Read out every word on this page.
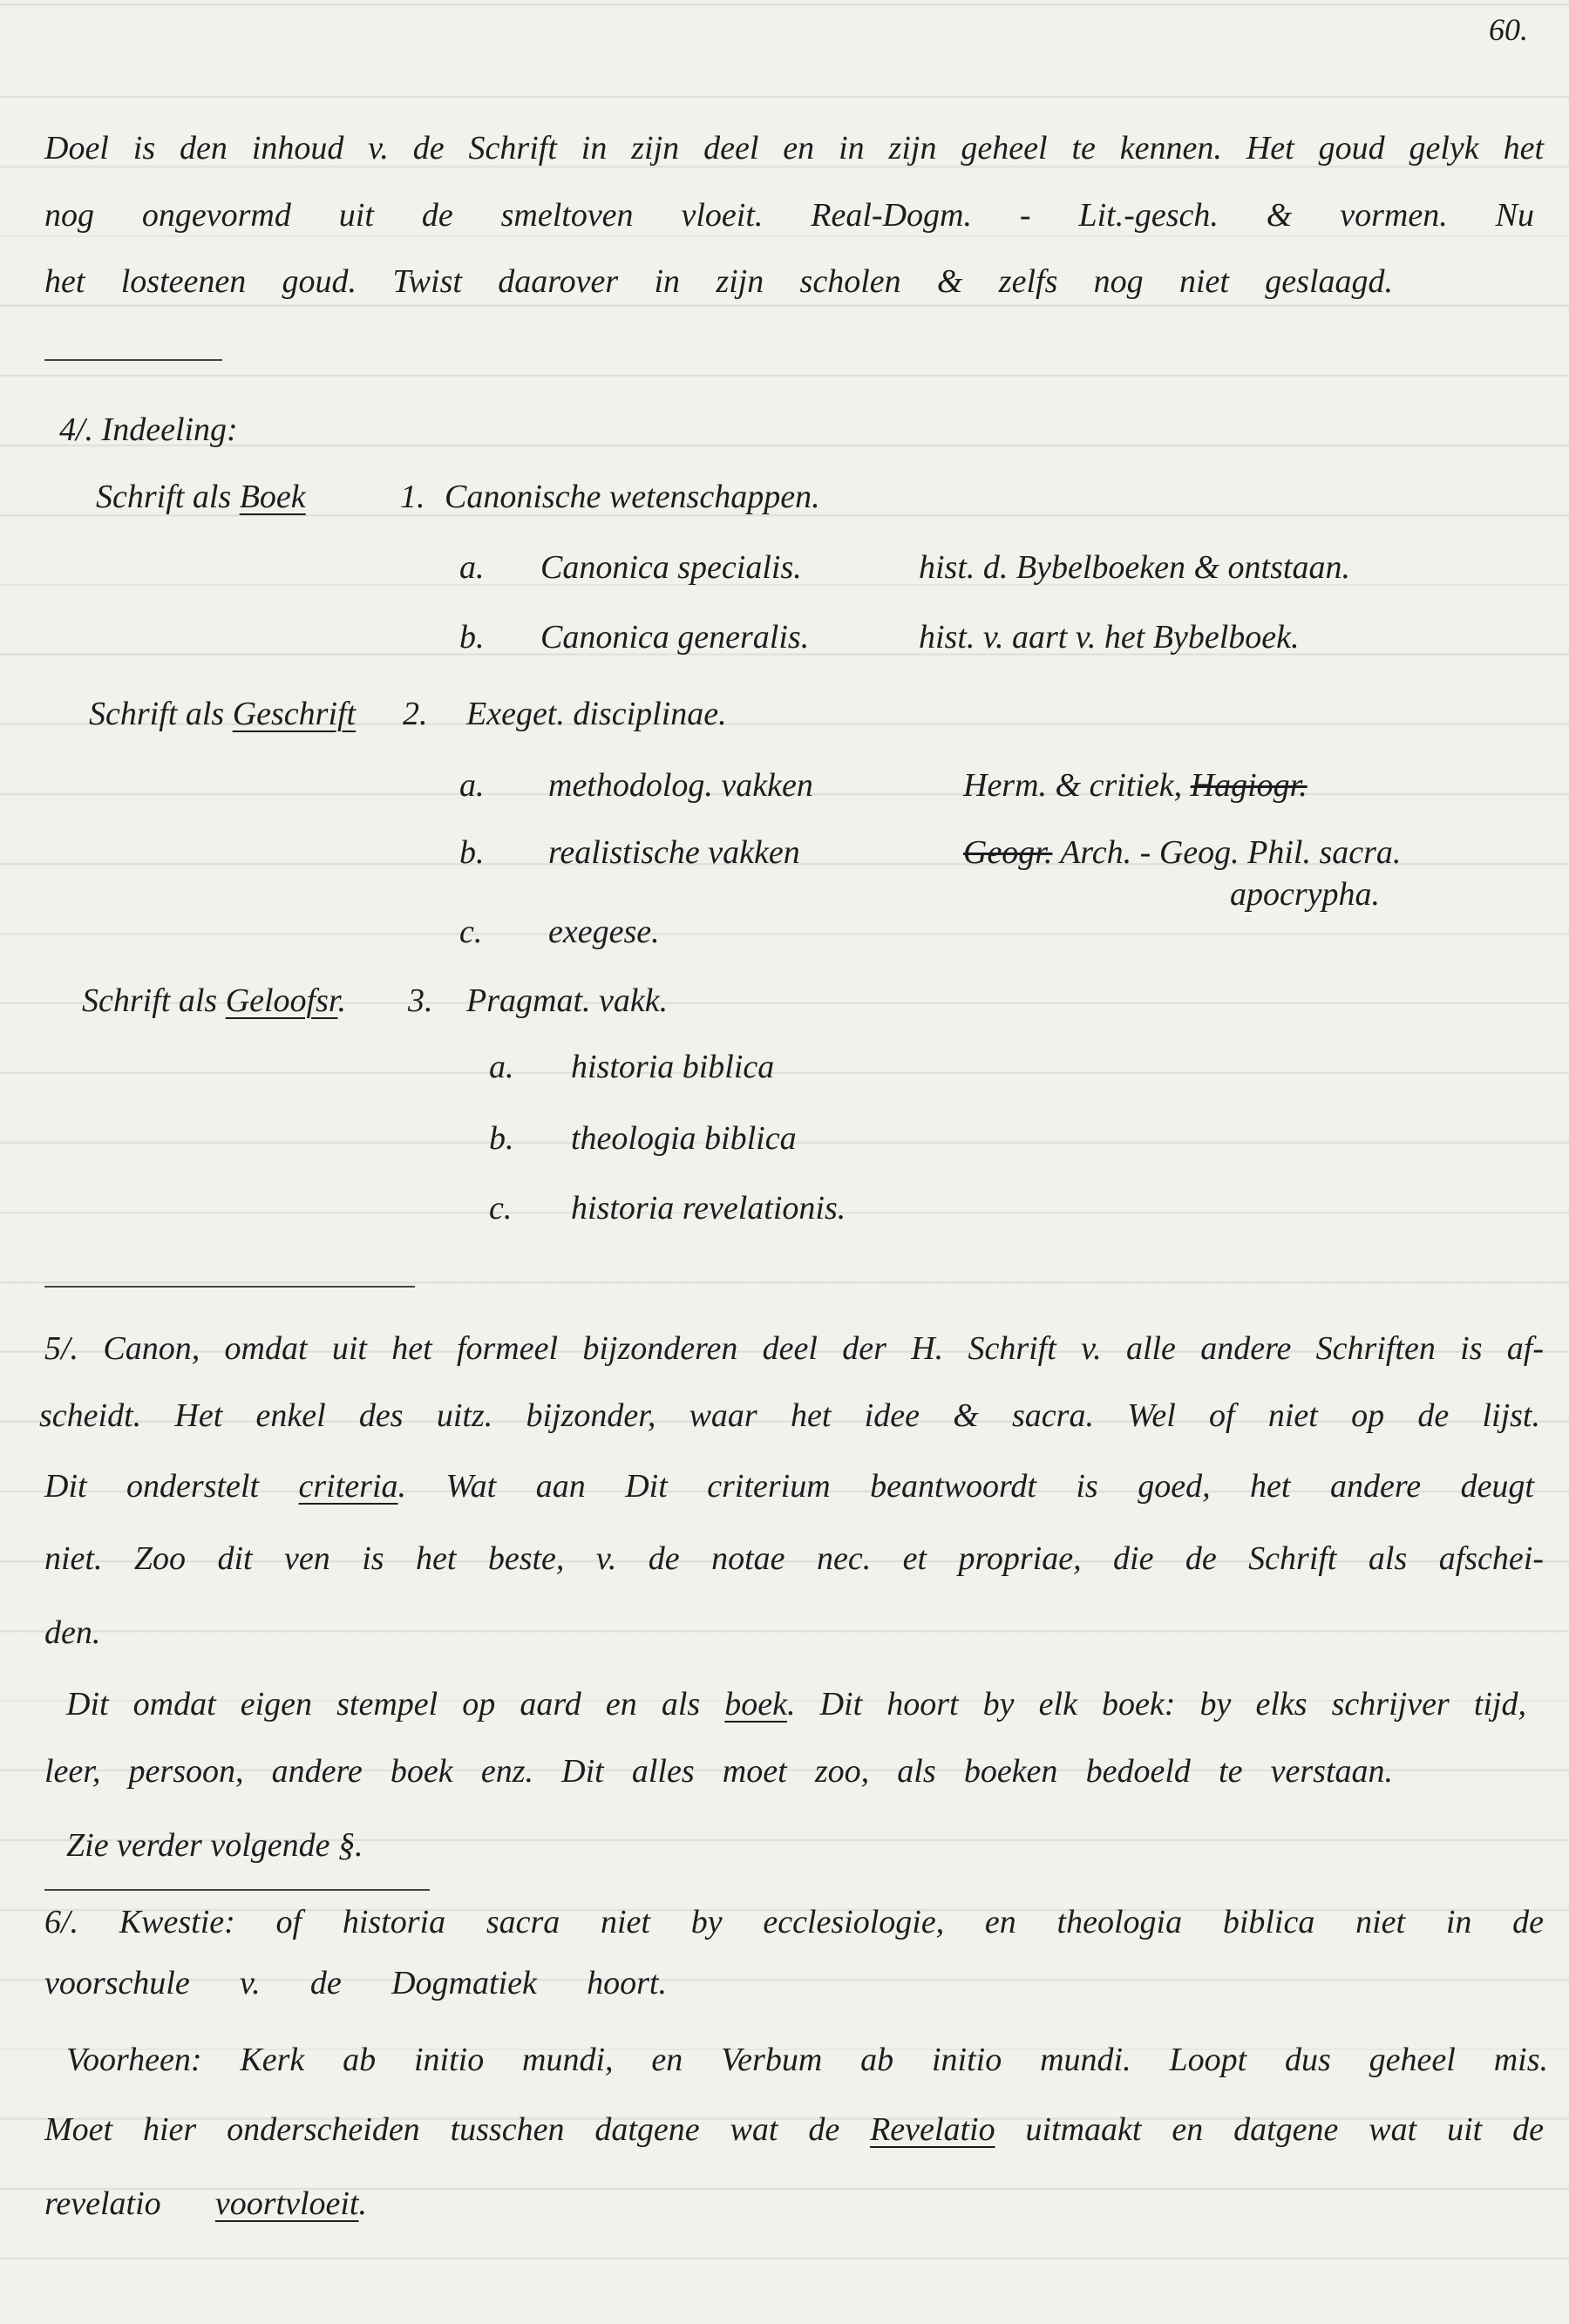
60.
Doel is den inhoud v. de Schrift in zijn deel en in zijn geheel te kennen. Het goud gelyk het
nog ongevormd uit de smeltoven vloeit. Real-Dogm. - Lit.-gesch. & vormen. Nu
het losteenen goud. Twist daarover in zijn scholen & zelfs nog niet geslaagd.
4/. Indeeling:
Schrift als Boek	1. Canonische wetenschappen.
a. Canonica specialis.	hist. d. Bybelboeken & ontstaan.
b. Canonica generalis.	hist. v. aart v. het Bybelboek.
Schrift als Geschrift 2. Exeget. disciplinae.
a. methodolog. vakken	Herm. & critiek, Hagiogr.
b. realistische vakken	Geogr. Arch. - Geog. Phil. sacra.
apocrypha.
c. exegese.
Schrift als Geloofsr. 3. Pragmat. vakk.
a. historia biblica
b. theologia biblica
c. historia revelationis.
5/. Canon, omdat uit het formeel bijzonderen deel der H. Schrift v. alle andere Schriften is af-
scheidt. Het enkel des uitz. bijzonder, waar het idee & sacra. Wel of niet op de lijst.
Dit onderstelt criteria. Wat aan Dit criterium beantwoordt is goed, het andere deugt
niet. Zoo dit ven is het beste, v. de notae nec. et propriae, die de Schrift als afschei-
den.
Dit omdat eigen stempel op aard en als boek. Dit hoort by elk boek: by elks schrijver tijd,
leer, persoon, andere boek enz. Dit alles moet zoo, als boeken bedoeld te verstaan.
Zie verder volgende §.
6/. Kwestie: of historia sacra niet by ecclesiologie, en theologia biblica niet in de
voorschule v. de Dogmatiek hoort.
Voorheen: Kerk ab initio mundi, en Verbum ab initio mundi. Loopt dus geheel mis.
Moet hier onderscheiden tusschen datgene wat de Revelatio uitmaakt en datgene wat uit de
revelatio voortvloeit.
